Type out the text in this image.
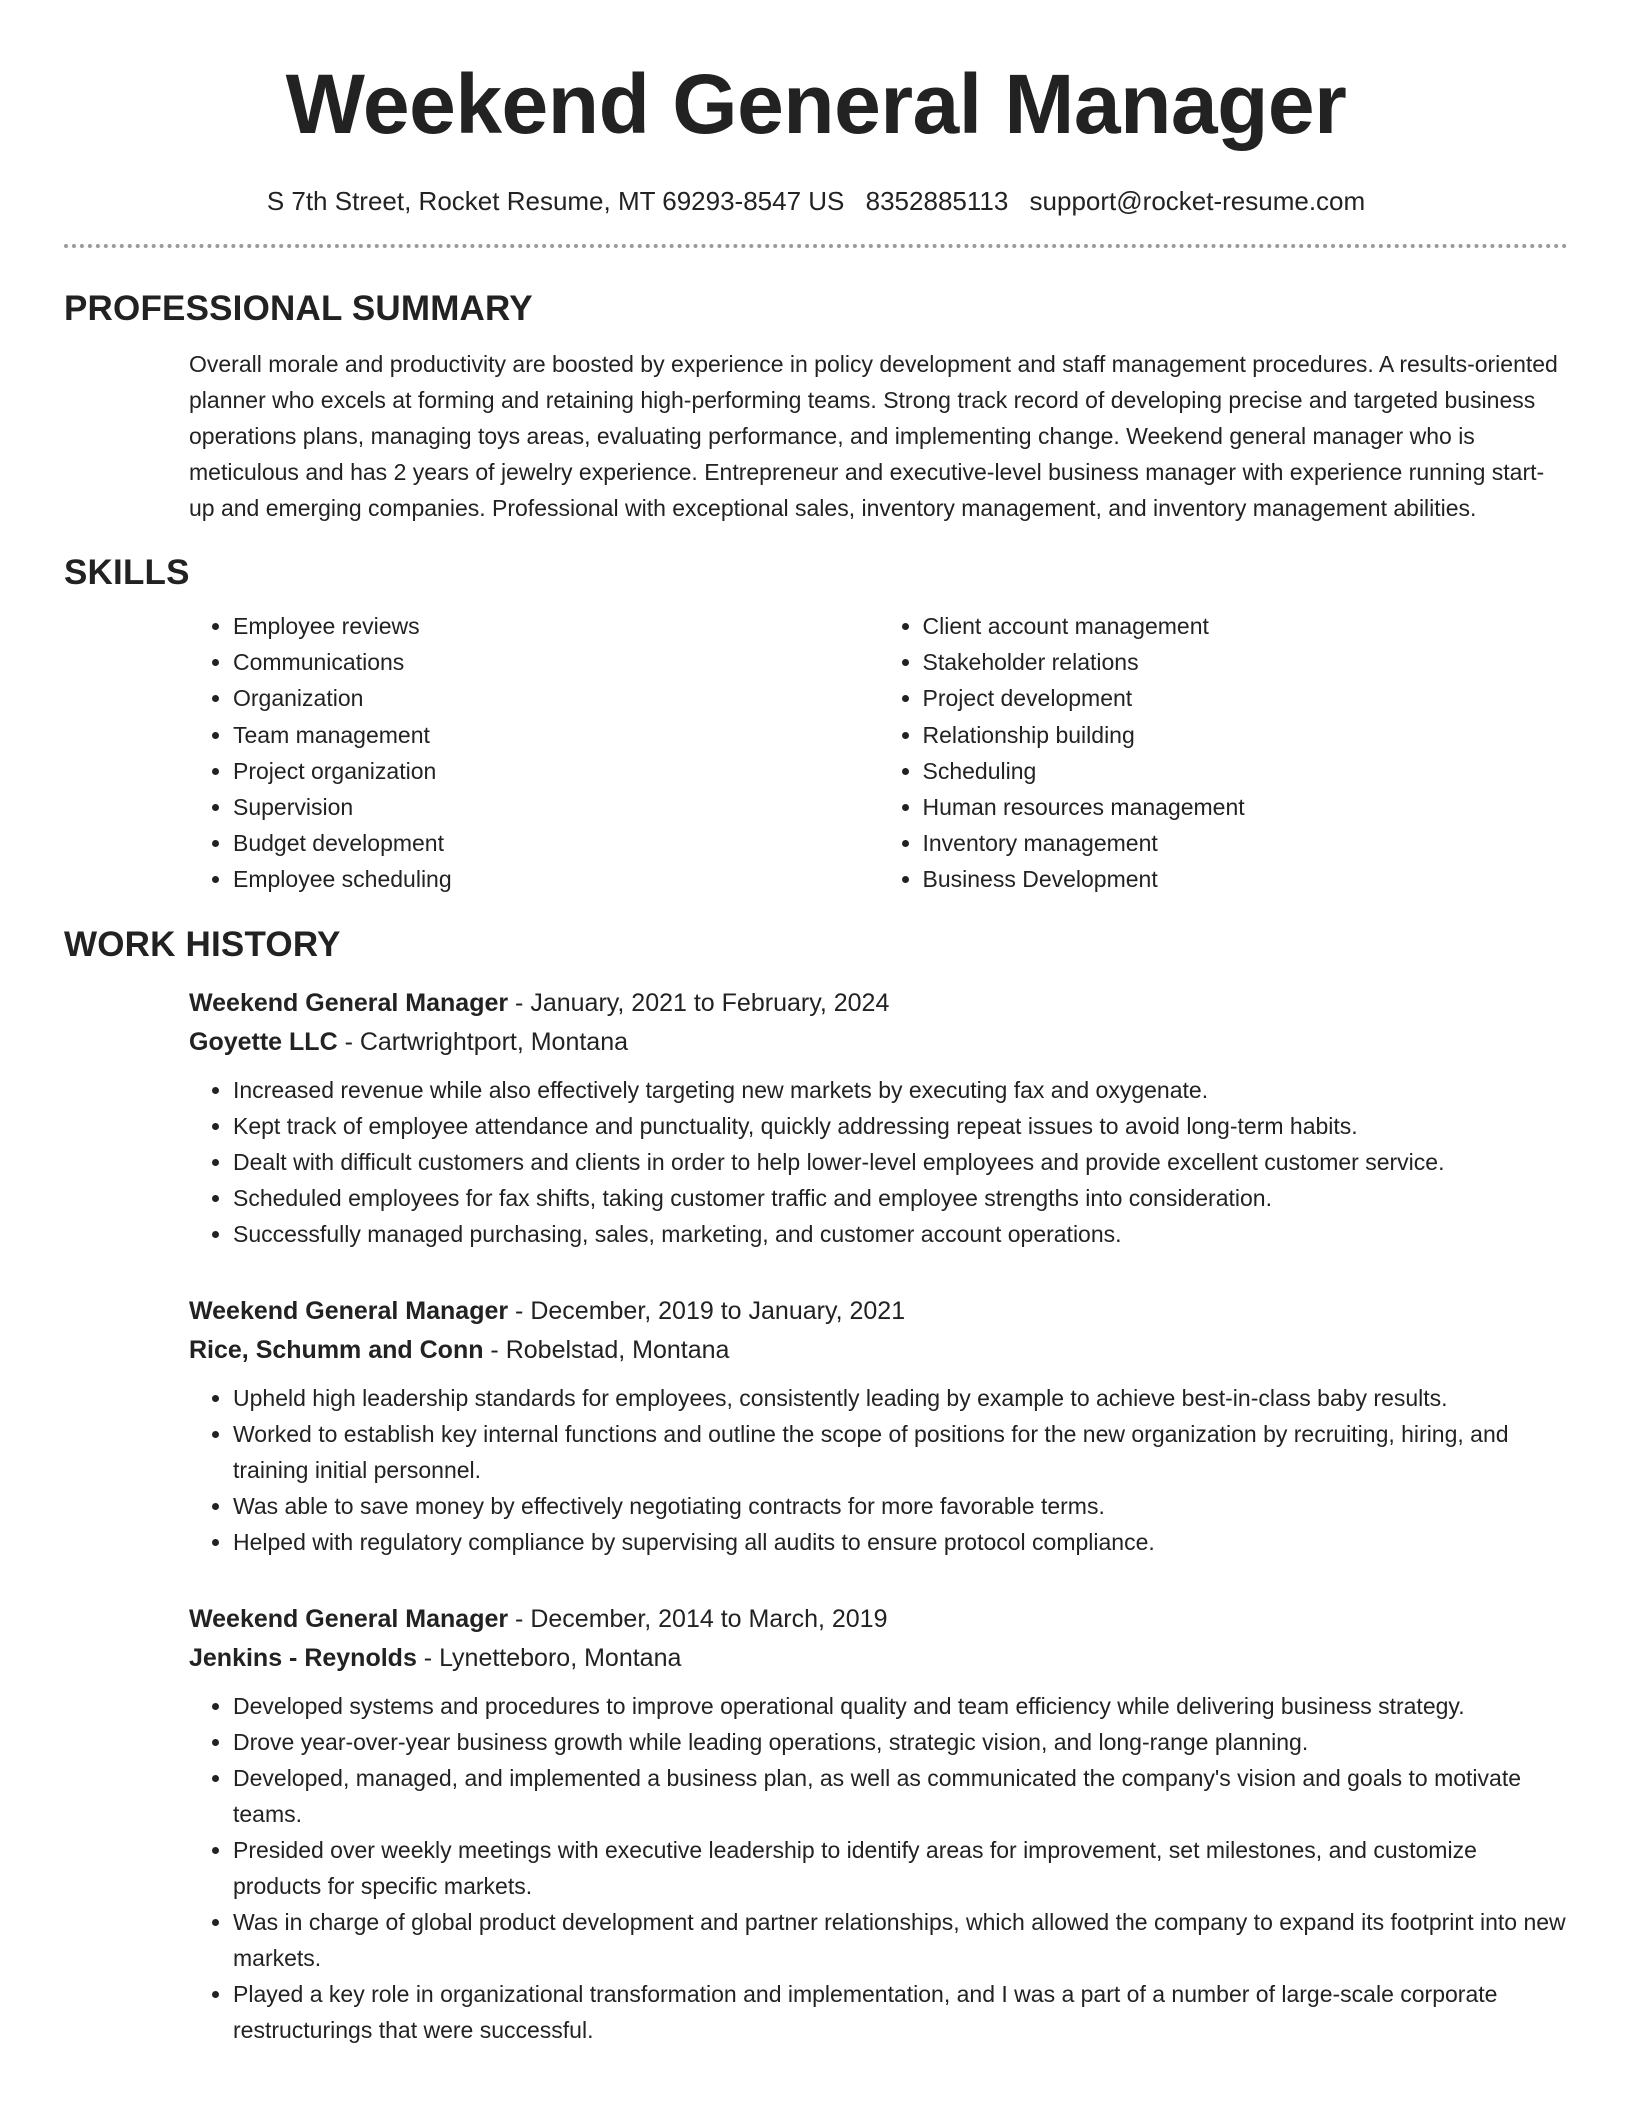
Weekend General Manager
S 7th Street, Rocket Resume, MT 69293-8547 US 8352885113 support@rocket-resume.com
PROFESSIONAL SUMMARY

Overall morale and productivity are boosted by experience in policy development and staff management procedures. A results-oriented planner who excels at forming and retaining high-performing teams. Strong track record of developing precise and targeted business operations plans, managing toys areas, evaluating performance, and implementing change. Weekend general manager who is meticulous and has 2 years of jewelry experience. Entrepreneur and executive-level business manager with experience running start-up and emerging companies. Professional with exceptional sales, inventory management, and inventory management abilities.

SKILLS
• Employee reviews
• Communications
• Organization
• Team management
• Project organization
• Supervision
• Budget development
• Employee scheduling
• Client account management
• Stakeholder relations
• Project development
• Relationship building
• Scheduling
• Human resources management
• Inventory management
• Business Development
WORK HISTORY
Weekend General Manager - January, 2021 to February, 2024
Goyette LLC - Cartwrightport, Montana
• Increased revenue while also effectively targeting new markets by executing fax and oxygenate.
• Kept track of employee attendance and punctuality, quickly addressing repeat issues to avoid long-term habits.
• Dealt with difficult customers and clients in order to help lower-level employees and provide excellent customer service.
• Scheduled employees for fax shifts, taking customer traffic and employee strengths into consideration.
• Successfully managed purchasing, sales, marketing, and customer account operations.
Weekend General Manager - December, 2019 to January, 2021
Rice, Schumm and Conn - Robelstad, Montana
• Upheld high leadership standards for employees, consistently leading by example to achieve best-in-class baby results.
• Worked to establish key internal functions and outline the scope of positions for the new organization by recruiting, hiring, and training initial personnel.
• Was able to save money by effectively negotiating contracts for more favorable terms.
• Helped with regulatory compliance by supervising all audits to ensure protocol compliance.
Weekend General Manager - December, 2014 to March, 2019
Jenkins - Reynolds - Lynetteboro, Montana
• Developed systems and procedures to improve operational quality and team efficiency while delivering business strategy.
• Drove year-over-year business growth while leading operations, strategic vision, and long-range planning.
• Developed, managed, and implemented a business plan, as well as communicated the company's vision and goals to motivate teams.
• Presided over weekly meetings with executive leadership to identify areas for improvement, set milestones, and customize products for specific markets.
• Was in charge of global product development and partner relationships, which allowed the company to expand its footprint into new markets.
• Played a key role in organizational transformation and implementation, and I was a part of a number of large-scale corporate restructurings that were successful.
